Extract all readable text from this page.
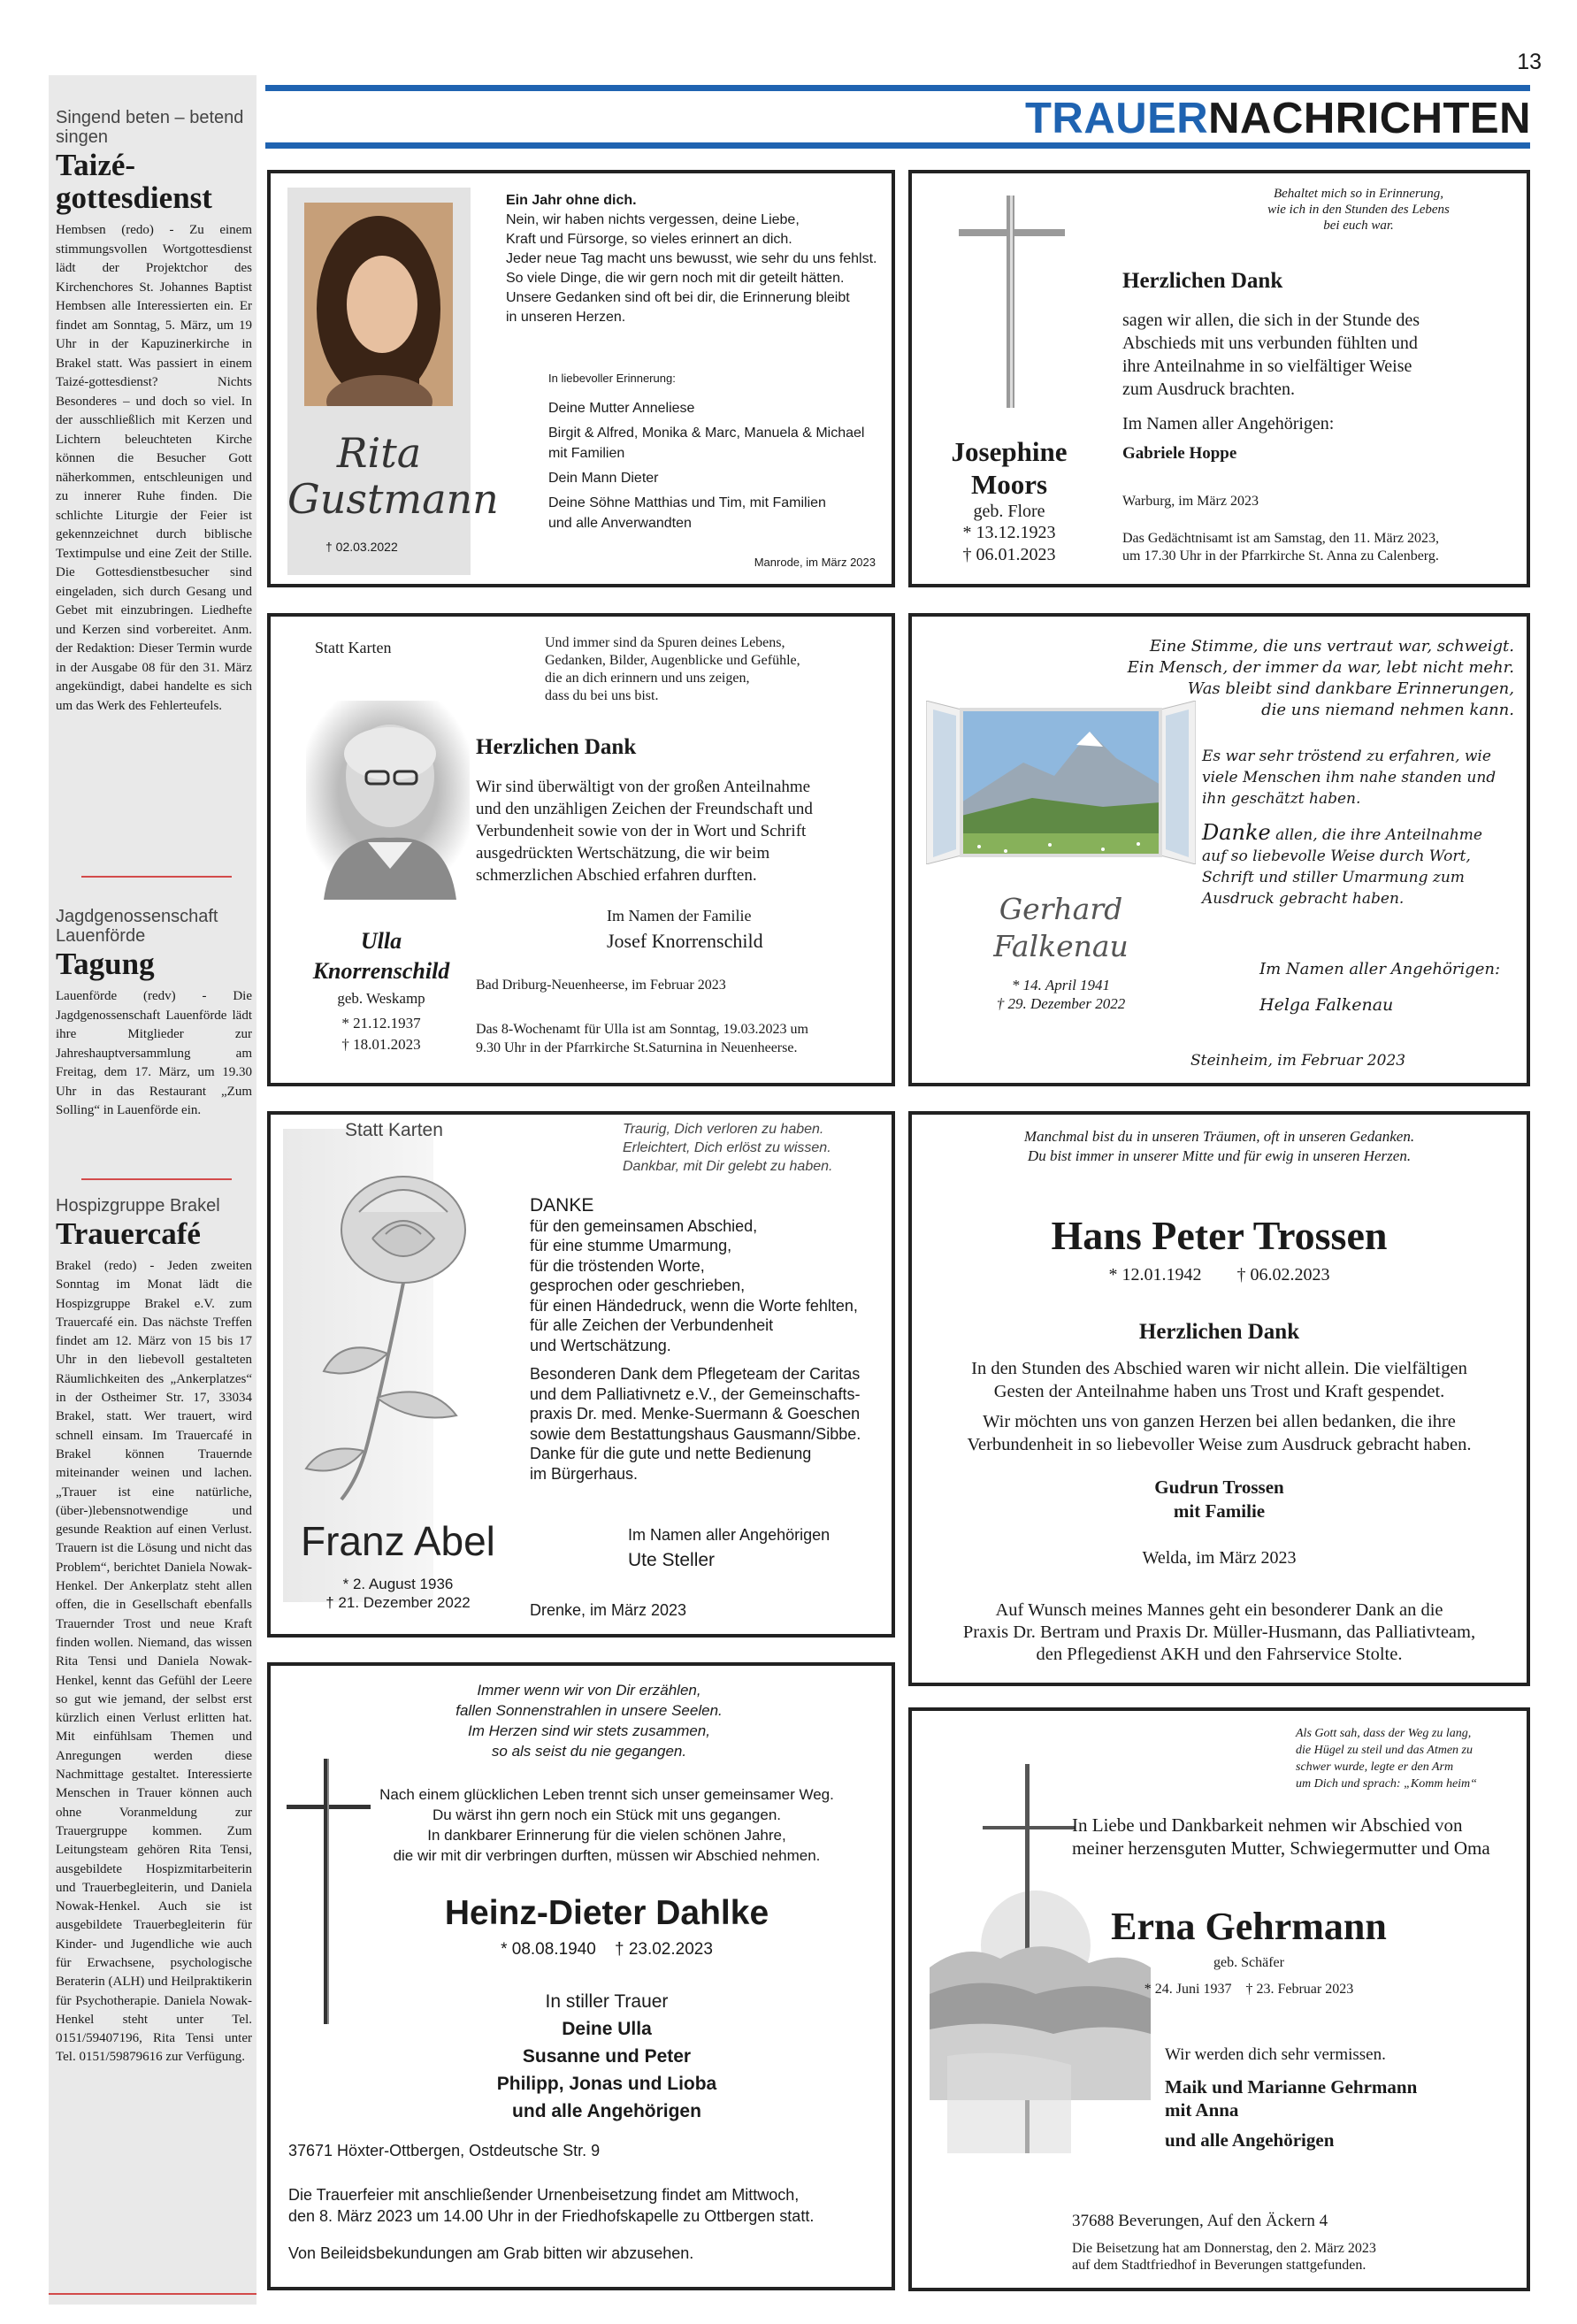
13
TRAUERNACHRICHTEN
Singend beten – betend singen
Taizé-gottesdienst
Hembsen (redo) - Zu einem stimmungsvollen Wortgottesdienst lädt der Projektchor des Kirchenchores St. Johannes Baptist Hembsen alle Interessierten ein. Er findet am Sonntag, 5. März, um 19 Uhr in der Kapuzinerkirche in Brakel statt. Was passiert in einem Taizé-gottesdienst? Nichts Besonderes – und doch so viel. In der ausschließlich mit Kerzen und Lichtern beleuchteten Kirche können die Besucher Gott näherkommen, entschleunigen und zu innerer Ruhe finden. Die schlichte Liturgie der Feier ist gekennzeichnet durch biblische Textimpulse und eine Zeit der Stille. Die Gottesdienstbesucher sind eingeladen, sich durch Gesang und Gebet mit einzubringen. Liedhefte und Kerzen sind vorbereitet. Anm. der Redaktion: Dieser Termin wurde in der Ausgabe 08 für den 31. März angekündigt, dabei handelte es sich um das Werk des Fehlerteufels.
Jagdgenossenschaft Lauenförde
Tagung
Lauenförde (redv) - Die Jagdgenossenschaft Lauenförde lädt ihre Mitglieder zur Jahreshauptversammlung am Freitag, dem 17. März, um 19.30 Uhr in das Restaurant „Zum Solling“ in Lauenförde ein.
Hospizgruppe Brakel
Trauercafé
Brakel (redo) - Jeden zweiten Sonntag im Monat lädt die Hospizgruppe Brakel e.V. zum Trauercafé ein. Das nächste Treffen findet am 12. März von 15 bis 17 Uhr in den liebevoll gestalteten Räumlichkeiten des „Ankerplatzes“ in der Ostheimer Str. 17, 33034 Brakel, statt. Wer trauert, wird schnell einsam. Im Trauercafé in Brakel können Trauernde miteinander weinen und lachen. „Trauer ist eine natürliche, (über-)lebensnotwendige und gesunde Reaktion auf einen Verlust. Trauern ist die Lösung und nicht das Problem“, berichtet Daniela Nowak-Henkel. Der Ankerplatz steht allen offen, die in Gesellschaft ebenfalls Trauernder Trost und neue Kraft finden wollen. Niemand, das wissen Rita Tensi und Daniela Nowak-Henkel, kennt das Gefühl der Leere so gut wie jemand, der selbst erst kürzlich einen Verlust erlitten hat. Mit einfühlsam Themen und Anregungen werden diese Nachmittage gestaltet. Interessierte Menschen in Trauer können auch ohne Voranmeldung zur Trauergruppe kommen. Zum Leitungsteam gehören Rita Tensi, ausgebildete Hospizmitarbeiterin und Trauerbegleiterin, und Daniela Nowak-Henkel. Auch sie ist ausgebildete Trauerbegleiterin für Kinder- und Jugendliche wie auch für Erwachsene, psychologische Beraterin (ALH) und Heilpraktikerin für Psychotherapie. Daniela Nowak-Henkel steht unter Tel. 0151/59407196, Rita Tensi unter Tel. 0151/59879616 zur Verfügung.
Rita
Gustmann
† 02.03.2022
Ein Jahr ohne dich.
Nein, wir haben nichts vergessen, deine Liebe,
Kraft und Fürsorge, so vieles erinnert an dich.
Jeder neue Tag macht uns bewusst, wie sehr du uns fehlst.
So viele Dinge, die wir gern noch mit dir geteilt hätten.
Unsere Gedanken sind oft bei dir, die Erinnerung bleibt
in unseren Herzen.
In liebevoller Erinnerung:
Deine Mutter Anneliese
Birgit & Alfred, Monika & Marc, Manuela & Michael
mit Familien
Dein Mann Dieter
Deine Söhne Matthias und Tim, mit Familien
und alle Anverwandten
Manrode, im März 2023
Josephine
Moors
geb. Flore
* 13.12.1923
† 06.01.2023
Behaltet mich so in Erinnerung,
wie ich in den Stunden des Lebens
bei euch war.
Herzlichen Dank
sagen wir allen, die sich in der Stunde des
Abschieds mit uns verbunden fühlten und
ihre Anteilnahme in so vielfältiger Weise
zum Ausdruck brachten.
Im Namen aller Angehörigen:
Gabriele Hoppe
Warburg, im März 2023
Das Gedächtnisamt ist am Samstag, den 11. März 2023,
um 17.30 Uhr in der Pfarrkirche St. Anna zu Calenberg.
Statt Karten
Ulla
Knorrenschild
geb. Weskamp
* 21.12.1937
† 18.01.2023
Und immer sind da Spuren deines Lebens,
Gedanken, Bilder, Augenblicke und Gefühle,
die an dich erinnern und uns zeigen,
dass du bei uns bist.
Herzlichen Dank
Wir sind überwältigt von der großen Anteilnahme
und den unzähligen Zeichen der Freundschaft und
Verbundenheit sowie von der in Wort und Schrift
ausgedrückten Wertschätzung, die wir beim
schmerzlichen Abschied erfahren durften.
Im Namen der Familie
Josef Knorrenschild
Bad Driburg-Neuenheerse, im Februar 2023
Das 8-Wochenamt für Ulla ist am Sonntag, 19.03.2023 um
9.30 Uhr in der Pfarrkirche St.Saturnina in Neuenheerse.
Eine Stimme, die uns vertraut war, schweigt.
Ein Mensch, der immer da war, lebt nicht mehr.
Was bleibt sind dankbare Erinnerungen,
die uns niemand nehmen kann.
Gerhard
Falkenau
* 14. April 1941
† 29. Dezember 2022
Es war sehr tröstend zu erfahren, wie
viele Menschen ihm nahe standen und
ihn geschätzt haben.
Danke allen, die ihre Anteilnahme
auf so liebevolle Weise durch Wort,
Schrift und stiller Umarmung zum
Ausdruck gebracht haben.
Im Namen aller Angehörigen:
Helga Falkenau
Steinheim, im Februar 2023
Statt Karten
Franz Abel
* 2. August 1936
† 21. Dezember 2022
Traurig, Dich verloren zu haben.
Erleichtert, Dich erlöst zu wissen.
Dankbar, mit Dir gelebt zu haben.
DANKE
für den gemeinsamen Abschied,
für eine stumme Umarmung,
für die tröstenden Worte,
gesprochen oder geschrieben,
für einen Händedruck, wenn die Worte fehlten,
für alle Zeichen der Verbundenheit
und Wertschätzung.
Besonderen Dank dem Pflegeteam der Caritas
und dem Palliativnetz e.V., der Gemeinschafts-
praxis Dr. med. Menke-Suermann & Goeschen
sowie dem Bestattungshaus Gausmann/Sibbe.
Danke für die gute und nette Bedienung
im Bürgerhaus.
Im Namen aller Angehörigen
Ute Steller
Drenke, im März 2023
Manchmal bist du in unseren Träumen, oft in unseren Gedanken.
Du bist immer in unserer Mitte und für ewig in unseren Herzen.
Hans Peter Trossen
* 12.01.1942 † 06.02.2023
Herzlichen Dank
In den Stunden des Abschied waren wir nicht allein. Die vielfältigen
Gesten der Anteilnahme haben uns Trost und Kraft gespendet.
Wir möchten uns von ganzen Herzen bei allen bedanken, die ihre
Verbundenheit in so liebevoller Weise zum Ausdruck gebracht haben.
Gudrun Trossen
mit Familie
Welda, im März 2023
Auf Wunsch meines Mannes geht ein besonderer Dank an die
Praxis Dr. Bertram und Praxis Dr. Müller-Husmann, das Palliativteam,
den Pflegedienst AKH und den Fahrservice Stolte.
Immer wenn wir von Dir erzählen,
fallen Sonnenstrahlen in unsere Seelen.
Im Herzen sind wir stets zusammen,
so als seist du nie gegangen.
Nach einem glücklichen Leben trennt sich unser gemeinsamer Weg.
Du wärst ihn gern noch ein Stück mit uns gegangen.
In dankbarer Erinnerung für die vielen schönen Jahre,
die wir mit dir verbringen durften, müssen wir Abschied nehmen.
Heinz-Dieter Dahlke
* 08.08.1940 † 23.02.2023
In stiller Trauer
Deine Ulla
Susanne und Peter
Philipp, Jonas und Lioba
und alle Angehörigen
37671 Höxter-Ottbergen, Ostdeutsche Str. 9
Die Trauerfeier mit anschließender Urnenbeisetzung findet am Mittwoch,
den 8. März 2023 um 14.00 Uhr in der Friedhofskapelle zu Ottbergen statt.
Von Beileidsbekundungen am Grab bitten wir abzusehen.
Als Gott sah, dass der Weg zu lang,
die Hügel zu steil und das Atmen zu
schwer wurde, legte er den Arm
um Dich und sprach: „Komm heim“
In Liebe und Dankbarkeit nehmen wir Abschied von
meiner herzensguten Mutter, Schwiegermutter und Oma
Erna Gehrmann
geb. Schäfer
* 24. Juni 1937 † 23. Februar 2023
Wir werden dich sehr vermissen.
Maik und Marianne Gehrmann
mit Anna
und alle Angehörigen
37688 Beverungen, Auf den Äckern 4
Die Beisetzung hat am Donnerstag, den 2. März 2023
auf dem Stadtfriedhof in Beverungen stattgefunden.
